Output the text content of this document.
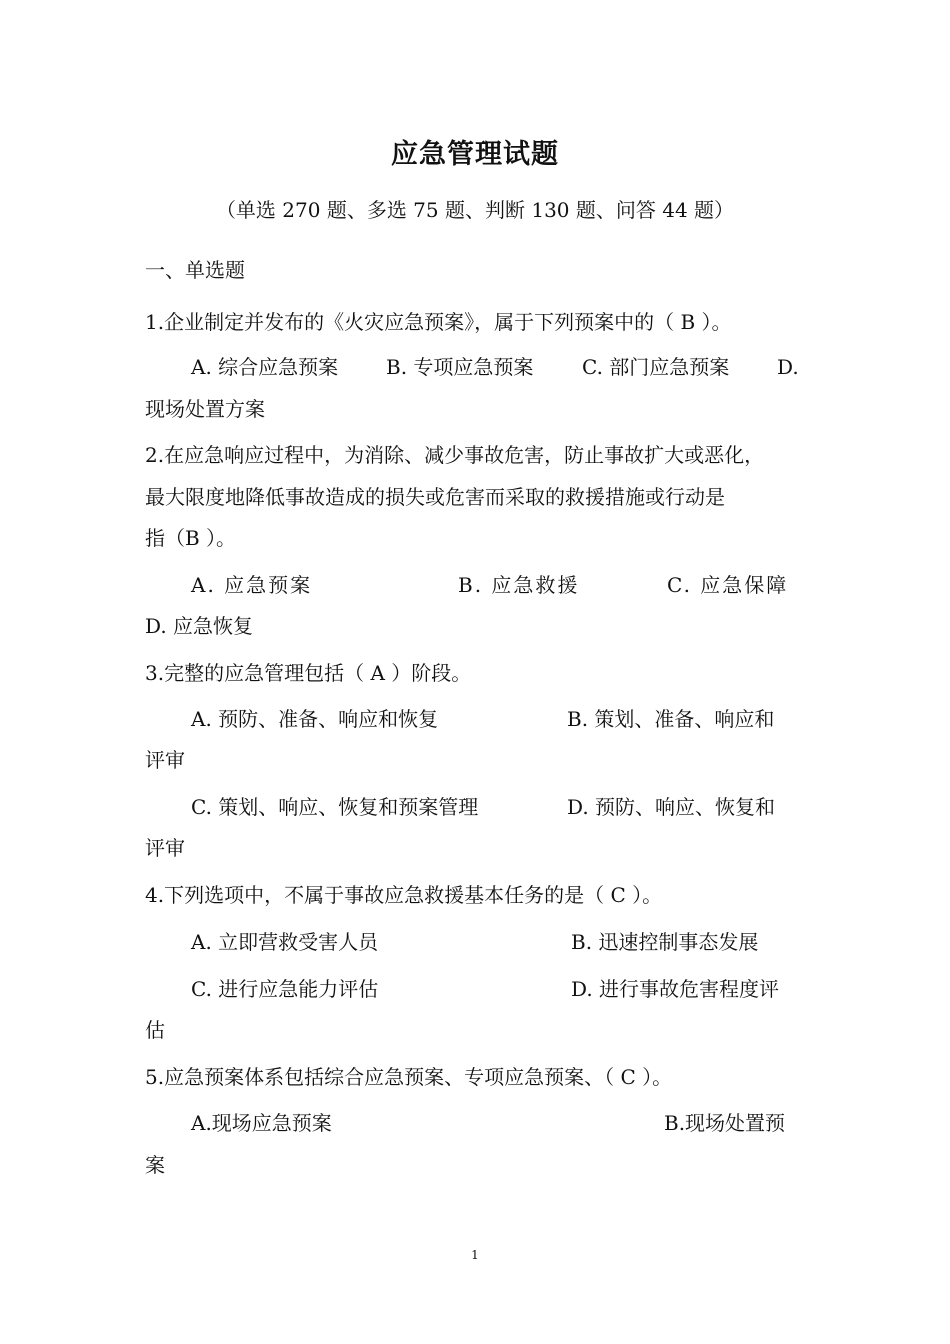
应急管理试题
（单选 270 题、多选 75 题、判断 130 题、问答 44 题）
一、单选题
1.企业制定并发布的《火灾应急预案》，属于下列预案中的（ B ）。
A. 综合应急预案 B. 专项应急预案 C. 部门应急预案 D.
现场处置方案
2.在应急响应过程中，为消除、减少事故危害，防止事故扩大或恶化，
最大限度地降低事故造成的损失或危害而采取的救援措施或行动是
指（B ）。
A. 应急预案	B. 应急救援	C. 应急保障
D. 应急恢复
3.完整的应急管理包括（ A ）阶段。
A. 预防、准备、响应和恢复	B. 策划、准备、响应和
评审
C. 策划、响应、恢复和预案管理	D. 预防、响应、恢复和
评审
4.下列选项中，不属于事故应急救援基本任务的是（ C ）。
A. 立即营救受害人员	B. 迅速控制事态发展
C. 进行应急能力评估	D. 进行事故危害程度评
估
5.应急预案体系包括综合应急预案、专项应急预案、（ C ）。
A.现场应急预案	B.现场处置预
案
1
